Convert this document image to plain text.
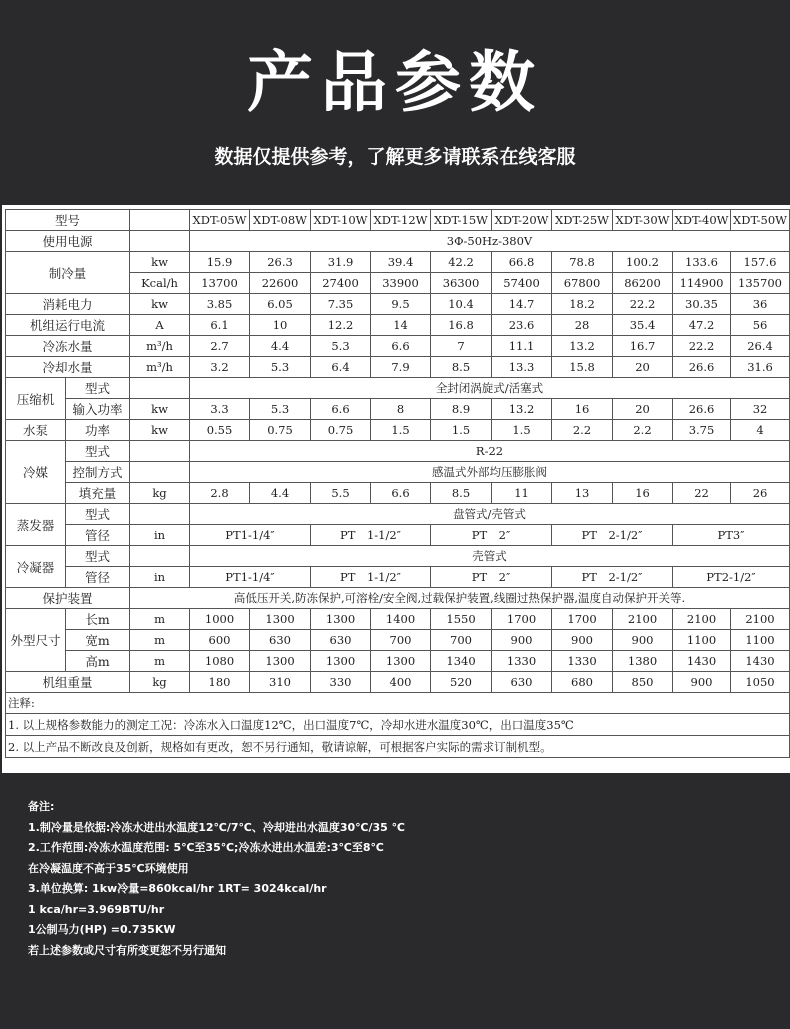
产品参数
数据仅提供参考，了解更多请联系在线客服
型号			XDT-05W	XDT-08W	XDT-10W	XDT-12W	XDT-15W	XDT-20W	XDT-25W	XDT-30W	XDT-40W	XDT-50W
使用电源			3Φ-50Hz-380V									
制冷量		kw	15.9	26.3	31.9	39.4	42.2	66.8	78.8	100.2	133.6	157.6
		Kcal/h	13700	22600	27400	33900	36300	57400	67800	86200	114900	135700
消耗电力		kw	3.85	6.05	7.35	9.5	10.4	14.7	18.2	22.2	30.35	36
机组运行电流		A	6.1	10	12.2	14	16.8	23.6	28	35.4	47.2	56
冷冻水量		m³/h	2.7	4.4	5.3	6.6	7	11.1	13.2	16.7	22.2	26.4
冷却水量		m³/h	3.2	5.3	6.4	7.9	8.5	13.3	15.8	20	26.6	31.6
压缩机	型式		全封闭涡旋式/活塞式									
	输入功率	kw	3.3	5.3	6.6	8	8.9	13.2	16	20	26.6	32
水泵	功率	kw	0.55	0.75	0.75	1.5	1.5	1.5	2.2	2.2	3.75	4
冷媒	型式		R-22									
	控制方式		感温式外部均压膨胀阀									
	填充量	kg	2.8	4.4	5.5	6.6	8.5	11	13	16	22	26
蒸发器	型式		盘管式/壳管式									
	管径	in	PT1-1/4″		PT　1-1/2″		PT　2″		PT　2-1/2″		PT3″	
冷凝器	型式		壳管式									
	管径	in	PT1-1/4″		PT　1-1/2″		PT　2″		PT　2-1/2″		PT2-1/2″	
保护装置		高低压开关,防冻保护,可溶栓/安全阀,过载保护装置,线圈过热保护器,温度自动保护开关等.										
外型尺寸	长m	m	1000	1300	1300	1400	1550	1700	1700	2100	2100	2100
	宽m	m	600	630	630	700	700	900	900	900	1100	1100
	高m	m	1080	1300	1300	1300	1340	1330	1330	1380	1430	1430
机组重量		kg	180	310	330	400	520	630	680	850	900	1050
注释:												
1. 以上规格参数能力的测定工况：冷冻水入口温度12℃，出口温度7℃，冷却水进水温度30℃，出口温度35℃												
2. 以上产品不断改良及创新，规格如有更改，恕不另行通知，敬请谅解，可根据客户实际的需求订制机型。												
备注:
1.制冷量是依据:冷冻水进出水温度12℃/7℃、冷却进出水温度30℃/35 ℃
2.工作范围:冷冻水温度范围: 5℃至35℃;冷冻水进出水温差:3℃至8℃
在冷凝温度不高于35℃环境使用
3.单位换算: 1kw冷量=860kcal/hr 1RT= 3024kcal/hr
1 kca/hr=3.969BTU/hr
1公制马力(HP) =0.735KW
若上述参数或尺寸有所变更恕不另行通知
